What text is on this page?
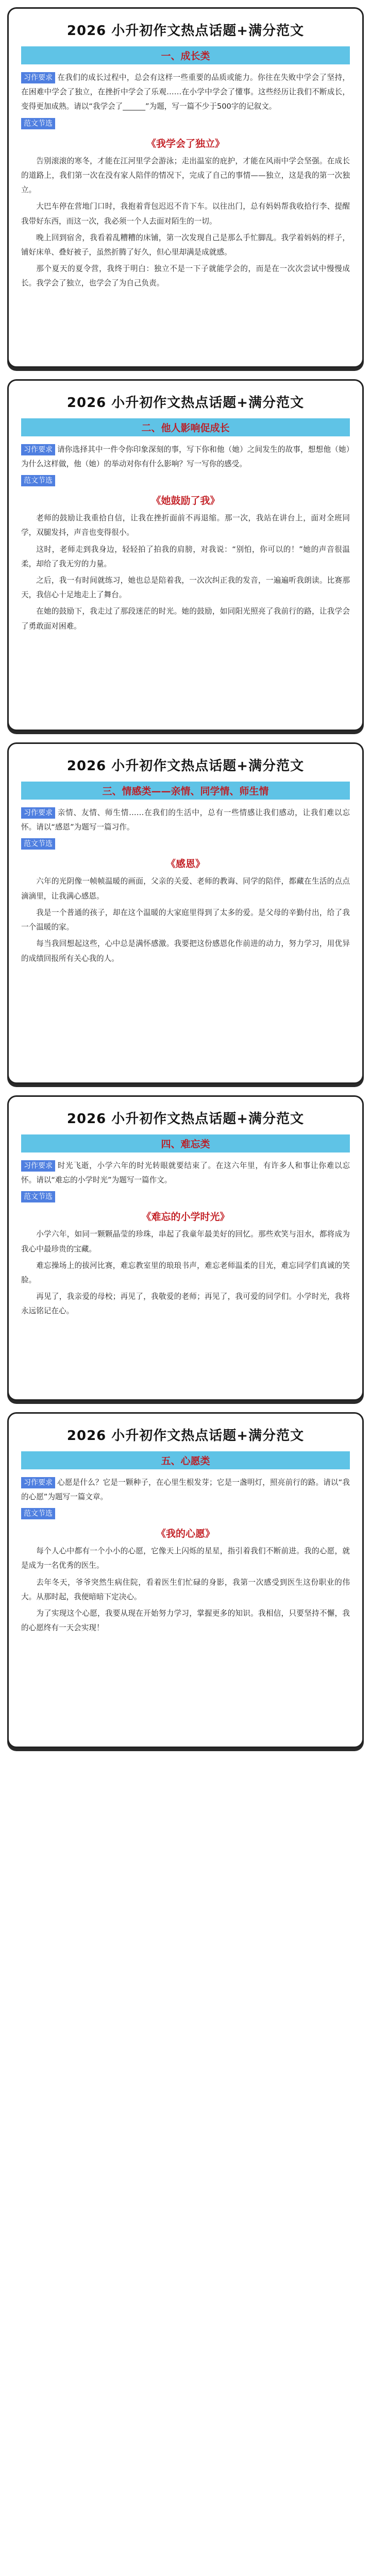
2026 小升初作文热点话题+满分范文
一、成长类

习作要求 在我们的成长过程中，总会有这样一些重要的品质或能力。你往在失败中学会了坚持，在困难中学会了独立，在挫折中学会了乐观……在小学中学会了懂事。这些经历让我们不断成长，变得更加成熟。请以“我学会了______”为题，写一篇不少于500字的记叙文。

范文节选

《我学会了独立》

告别滚滚的寒冬，才能在江河里学会游泳；走出温室的庇护，才能在风雨中学会坚强。在成长的道路上，我们第一次在没有家人陪伴的情况下，完成了自己的事情——独立，这是我的第一次独立。

大巴车停在营地门口时，我抱着背包迟迟不肯下车。以往出门，总有妈妈帮我收拾行李、提醒我带好东西，而这一次，我必须一个人去面对陌生的一切。

晚上回到宿舍，我看着乱糟糟的床铺，第一次发现自己是那么手忙脚乱。我学着妈妈的样子，铺好床单、叠好被子，虽然折腾了好久，但心里却满是成就感。

那个夏天的夏令营，我终于明白：独立不是一下子就能学会的，而是在一次次尝试中慢慢成长。我学会了独立，也学会了为自己负责。

2026 小升初作文热点话题+满分范文
二、他人影响促成长

习作要求 请你选择其中一件令你印象深刻的事，写下你和他（她）之间发生的故事，想想他（她）为什么这样做，他（她）的举动对你有什么影响？写一写你的感受。

范文节选

《她鼓励了我》

老师的鼓励让我重拾自信，让我在挫折面前不再退缩。那一次，我站在讲台上，面对全班同学，双腿发抖，声音也变得很小。

这时，老师走到我身边，轻轻拍了拍我的肩膀，对我说：“别怕，你可以的！”她的声音很温柔，却给了我无穷的力量。

之后，我一有时间就练习，她也总是陪着我，一次次纠正我的发音，一遍遍听我朗读。比赛那天，我信心十足地走上了舞台。

在她的鼓励下，我走过了那段迷茫的时光。她的鼓励，如同阳光照亮了我前行的路，让我学会了勇敢面对困难。

2026 小升初作文热点话题+满分范文
三、情感类——亲情、同学情、师生情

习作要求 亲情、友情、师生情……在我们的生活中，总有一些情感让我们感动，让我们难以忘怀。请以“感恩”为题写一篇习作。

范文节选

《感恩》

六年的光阴像一帧帧温暖的画面，父亲的关爱、老师的教诲、同学的陪伴，都藏在生活的点点滴滴里，让我满心感恩。

我是一个普通的孩子，却在这个温暖的大家庭里得到了太多的爱。是父母的辛勤付出，给了我一个温暖的家。

每当我回想起这些，心中总是满怀感激。我要把这份感恩化作前进的动力，努力学习，用优异的成绩回报所有关心我的人。

2026 小升初作文热点话题+满分范文
四、难忘类

习作要求 时光飞逝，小学六年的时光转眼就要结束了。在这六年里，有许多人和事让你难以忘怀。请以“难忘的小学时光”为题写一篇作文。

范文节选

《难忘的小学时光》

小学六年，如同一颗颗晶莹的珍珠，串起了我童年最美好的回忆。那些欢笑与泪水，都将成为我心中最珍贵的宝藏。

难忘操场上的拔河比赛，难忘教室里的琅琅书声，难忘老师温柔的目光，难忘同学们真诚的笑脸。

再见了，我亲爱的母校；再见了，我敬爱的老师；再见了，我可爱的同学们。小学时光，我将永远铭记在心。

2026 小升初作文热点话题+满分范文
五、心愿类

习作要求 心愿是什么？它是一颗种子，在心里生根发芽；它是一盏明灯，照亮前行的路。请以“我的心愿”为题写一篇文章。

范文节选

《我的心愿》

每个人心中都有一个小小的心愿，它像天上闪烁的星星，指引着我们不断前进。我的心愿，就是成为一名优秀的医生。

去年冬天，爷爷突然生病住院，看着医生们忙碌的身影，我第一次感受到医生这份职业的伟大。从那时起，我便暗暗下定决心。

为了实现这个心愿，我要从现在开始努力学习，掌握更多的知识。我相信，只要坚持不懈，我的心愿终有一天会实现！
